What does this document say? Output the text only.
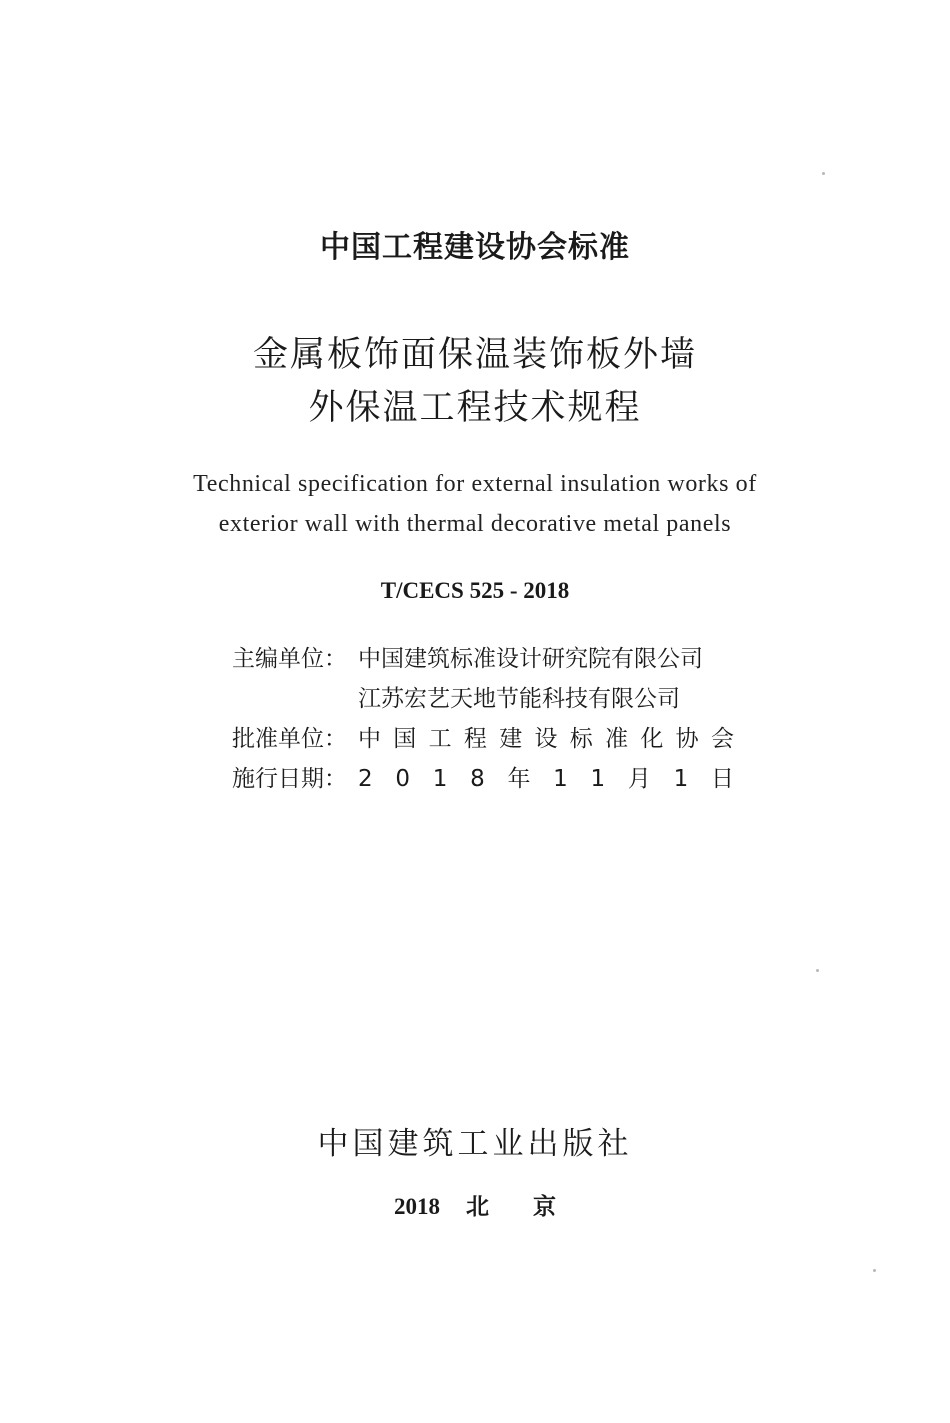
中国工程建设协会标准
金属板饰面保温装饰板外墙
外保温工程技术规程
Technical specification for external insulation works of
exterior wall with thermal decorative metal panels
T/CECS 525 - 2018
主编单位： 中国建筑标准设计研究院有限公司
江苏宏艺天地节能科技有限公司
批准单位： 中 国 工 程 建 设 标 准 化 协 会
施行日期： 2 0 1 8 年 1 1 月 1 日
中国建筑工业出版社
2018 北 京
